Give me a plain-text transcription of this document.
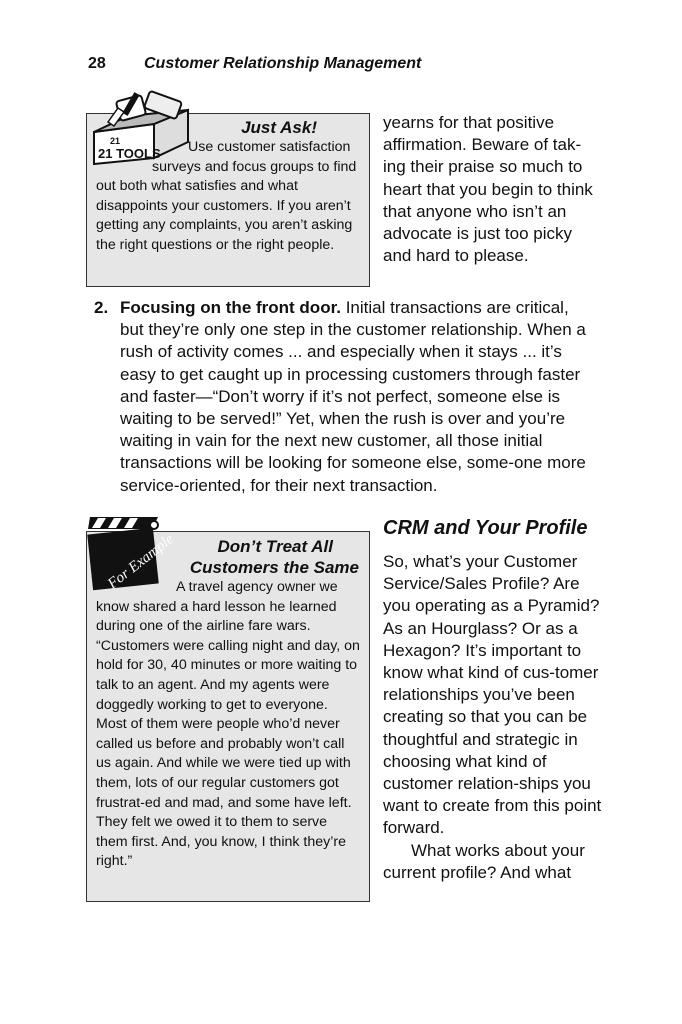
28 Customer Relationship Management
Just Ask!
Use customer satisfaction surveys and focus groups to find out both what satisfies and what disappoints your customers. If you aren’t getting any complaints, you aren’t asking the right questions or the right people.
21
21 TOOLS
yearns for that positive affirmation. Beware of tak-ing their praise so much to heart that you begin to think that anyone who isn’t an advocate is just too picky and hard to please.
2. Focusing on the front door. Initial transactions are critical, but they’re only one step in the customer relationship. When a rush of activity comes ... and especially when it stays ... it’s easy to get caught up in processing customers through faster and faster—“Don’t worry if it’s not perfect, someone else is waiting to be served!” Yet, when the rush is over and you’re waiting in vain for the next new customer, all those initial transactions will be looking for someone else, some-one more service-oriented, for their next transaction.
Don’t Treat All
Customers the Same
A travel agency owner we know shared a hard lesson he learned during one of the airline fare wars. “Customers were calling night and day, on hold for 30, 40 minutes or more waiting to talk to an agent. And my agents were doggedly working to get to everyone. Most of them were people who’d never called us before and probably won’t call us again. And while we were tied up with them, lots of our regular customers got frustrat-ed and mad, and some have left. They felt we owed it to them to serve them first. And, you know, I think they’re right.”
For Example
CRM and Your Profile

So, what’s your Customer Service/Sales Profile? Are you operating as a Pyramid? As an Hourglass? Or as a Hexagon? It’s important to know what kind of cus-tomer relationships you’ve been creating so that you can be thoughtful and strategic in choosing what kind of customer relation-ships you want to create from this point forward.

What works about your current profile? And what
